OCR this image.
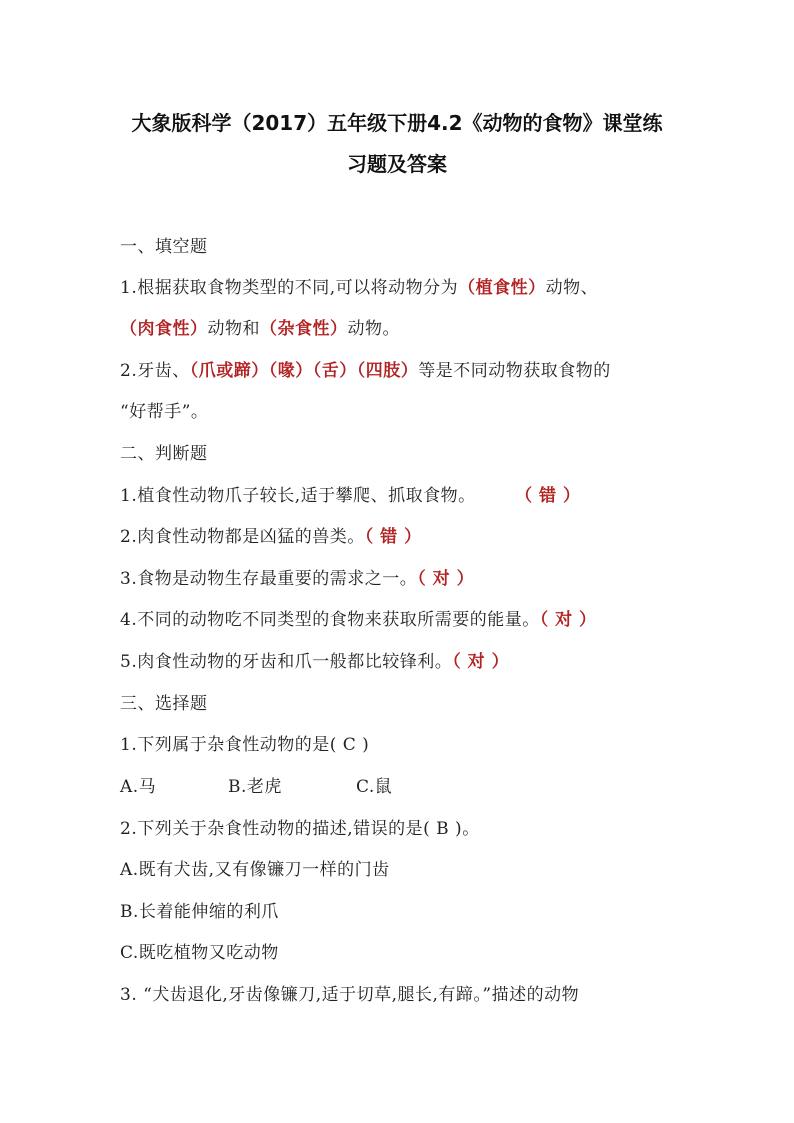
大象版科学（2017）五年级下册4.2《动物的食物》课堂练
习题及答案
一、填空题
1.根据获取食物类型的不同,可以将动物分为（植食性）动物、
（肉食性）动物和（杂食性）动物。
2.牙齿、（爪或蹄）（喙）（舌）（四肢）等是不同动物获取食物的
“好帮手”。
二、判断题
1.植食性动物爪子较长,适于攀爬、抓取食物。	（ 错 ）
2.肉食性动物都是凶猛的兽类。（ 错 ）
3.食物是动物生存最重要的需求之一。（ 对 ）
4.不同的动物吃不同类型的食物来获取所需要的能量。（ 对 ）
5.肉食性动物的牙齿和爪一般都比较锋利。（ 对 ）
三、选择题
1.下列属于杂食性动物的是( C )
A.马	B.老虎	C.鼠
2.下列关于杂食性动物的描述,错误的是( B )。
A.既有犬齿,又有像镰刀一样的门齿
B.长着能伸缩的利爪
C.既吃植物又吃动物
3. “犬齿退化,牙齿像镰刀,适于切草,腿长,有蹄。”描述的动物
